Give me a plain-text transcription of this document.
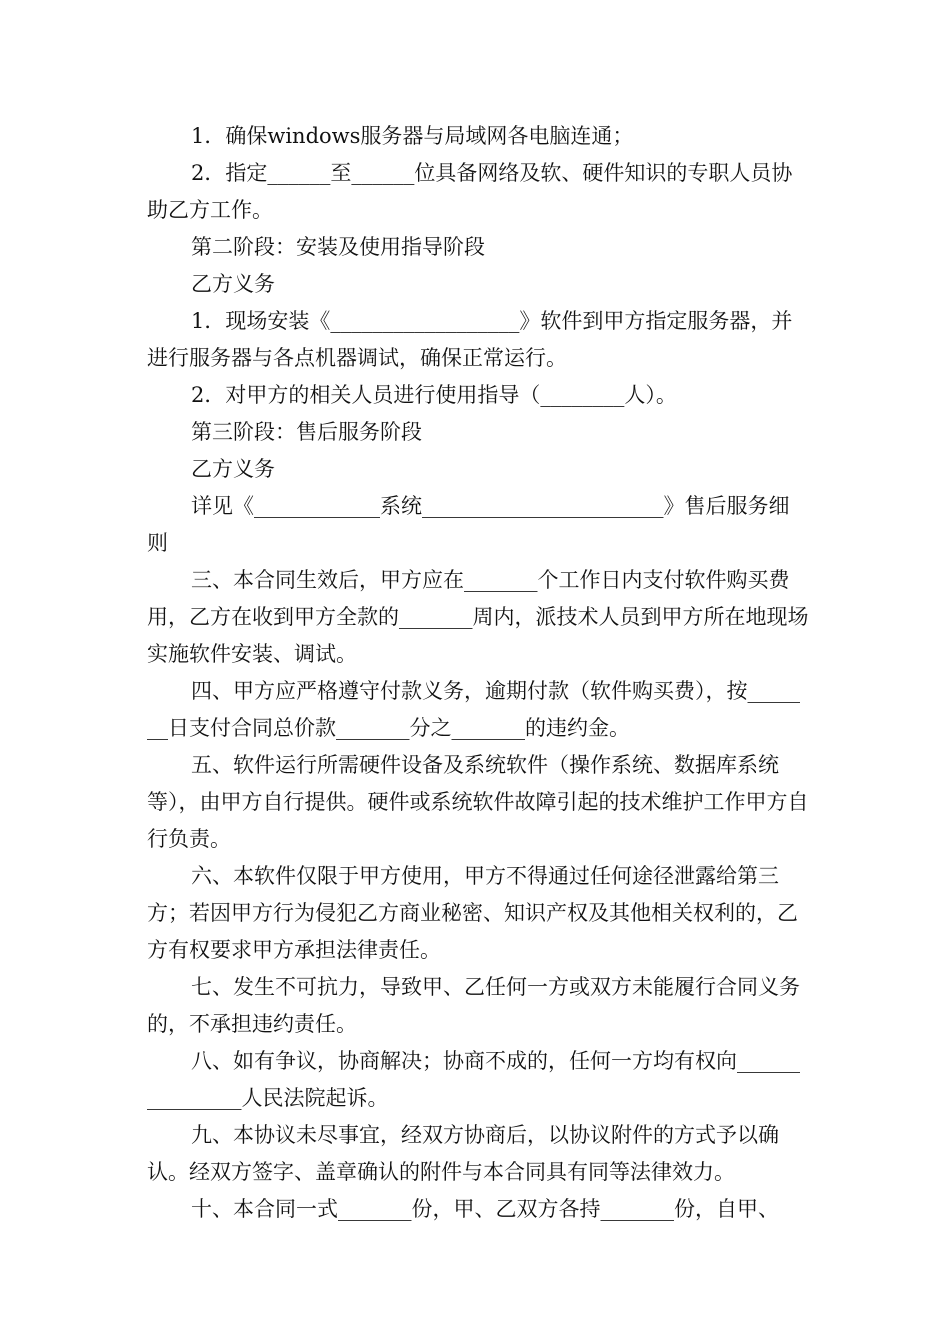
1．确保windows服务器与局域网各电脑连通；

2．指定______至______位具备网络及软、硬件知识的专职人员协助乙方工作。

第二阶段：安装及使用指导阶段

乙方义务

1．现场安装《__________________》软件到甲方指定服务器，并进行服务器与各点机器调试，确保正常运行。

2．对甲方的相关人员进行使用指导（________人）。

第三阶段：售后服务阶段

乙方义务

详见《____________系统_______________________》售后服务细则

三、本合同生效后，甲方应在_______个工作日内支付软件购买费用，乙方在收到甲方全款的_______周内，派技术人员到甲方所在地现场实施软件安装、调试。

四、甲方应严格遵守付款义务，逾期付款（软件购买费），按_______日支付合同总价款_______分之_______的违约金。

五、软件运行所需硬件设备及系统软件（操作系统、数据库系统等），由甲方自行提供。硬件或系统软件故障引起的技术维护工作甲方自行负责。

六、本软件仅限于甲方使用，甲方不得通过任何途径泄露给第三方；若因甲方行为侵犯乙方商业秘密、知识产权及其他相关权利的，乙方有权要求甲方承担法律责任。

七、发生不可抗力，导致甲、乙任何一方或双方未能履行合同义务的，不承担违约责任。

八、如有争议，协商解决；协商不成的，任何一方均有权向_______________人民法院起诉。

九、本协议未尽事宜，经双方协商后，以协议附件的方式予以确认。经双方签字、盖章确认的附件与本合同具有同等法律效力。

十、本合同一式_______份，甲、乙双方各持_______份，自甲、
